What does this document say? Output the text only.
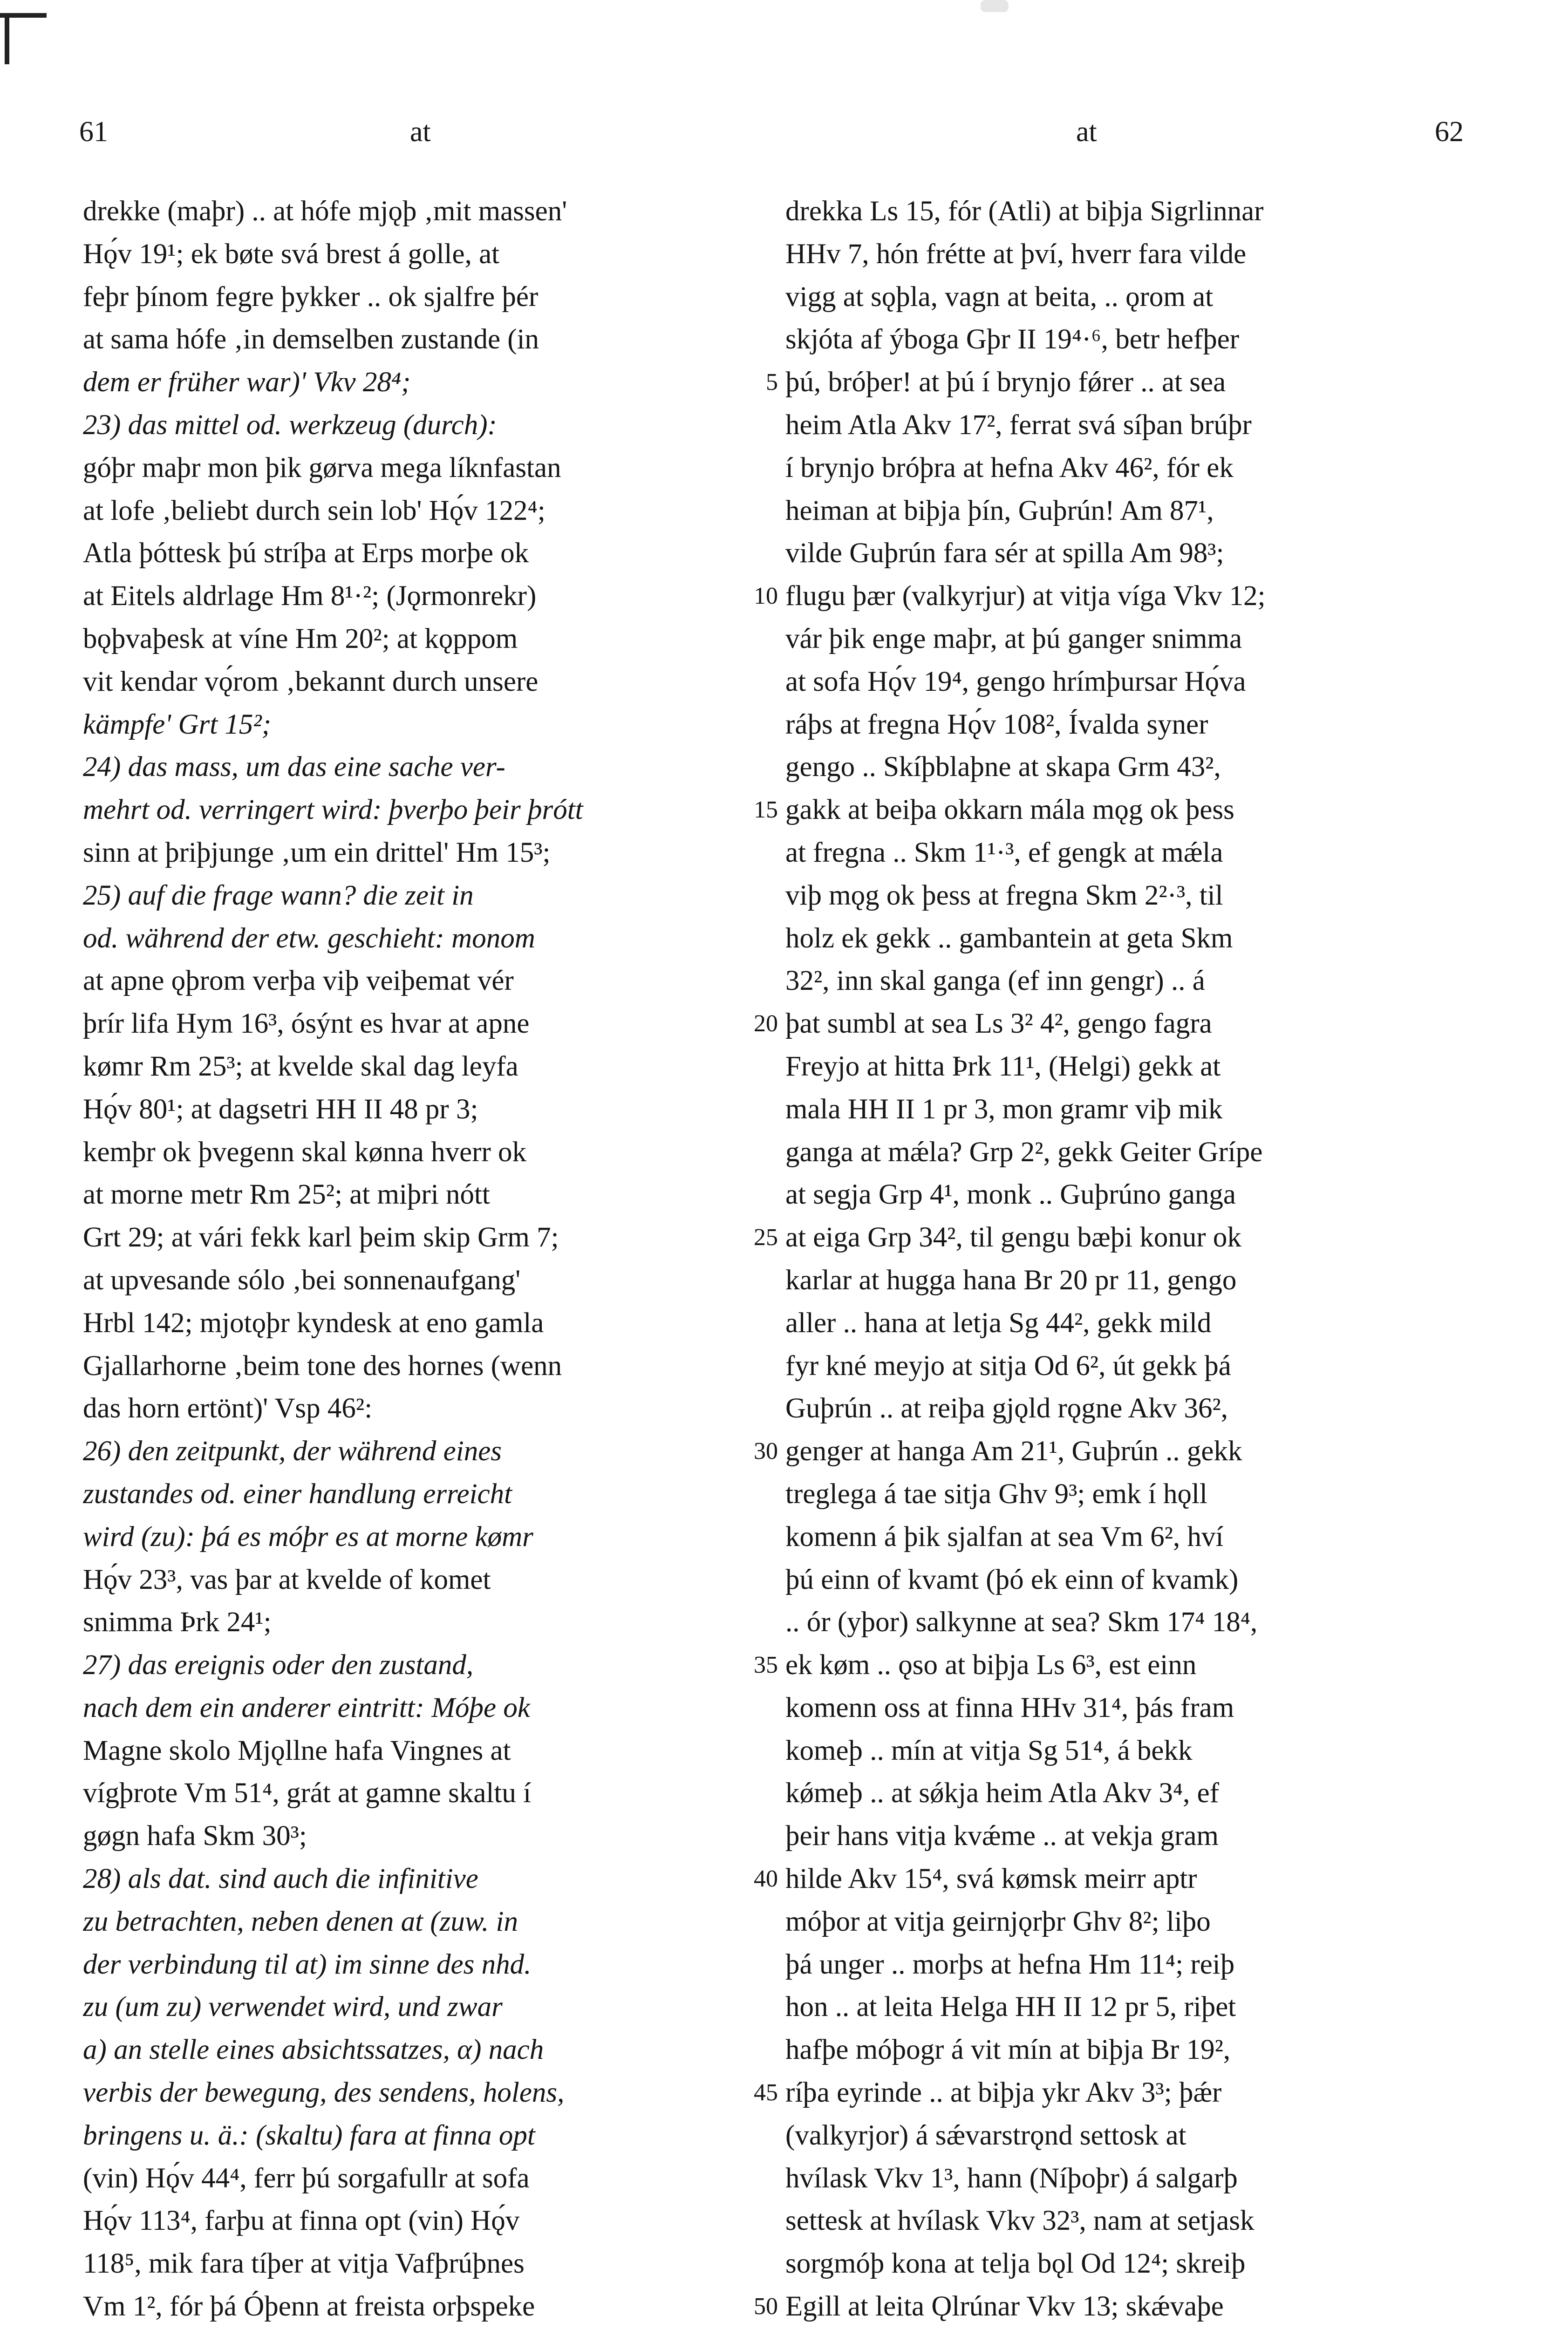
61	at	at	62
drekke (maþr) .. at hófe mjǫþ ‚mit massen'
Hǫ́v 19¹; ek bøte svá brest á golle, at
feþr þínom fegre þykker .. ok sjalfre þér
at sama hófe ‚in demselben zustande (in
dem er früher war)' Vkv 28⁴;
23) das mittel od. werkzeug (durch):
góþr maþr mon þik gørva mega líknfastan
at lofe ‚beliebt durch sein lob' Hǫ́v 122⁴;
Atla þóttesk þú stríþa at Erps morþe ok
at Eitels aldrlage Hm 8¹·²; (Jǫrmonrekr)
bǫþvaþesk at víne Hm 20²; at kǫppom
vit kendar vǫ́rom ‚bekannt durch unsere
kämpfe' Grt 15²;
24) das mass, um das eine sache ver-
mehrt od. verringert wird: þverþo þeir þrótt
sinn at þriþjunge ‚um ein drittel' Hm 15³;
25) auf die frage wann? die zeit in
od. während der etw. geschieht: monom
at apne ǫþrom verþa viþ veiþemat vér
þrír lifa Hym 16³, ósýnt es hvar at apne
kømr Rm 25³; at kvelde skal dag leyfa
Hǫ́v 80¹; at dagsetri HH II 48 pr 3;
kemþr ok þvegenn skal kønna hverr ok
at morne metr Rm 25²; at miþri nótt
Grt 29; at vári fekk karl þeim skip Grm 7;
at upvesande sólo ‚bei sonnenaufgang'
Hrbl 142; mjotǫþr kyndesk at eno gamla
Gjallarhorne ‚beim tone des hornes (wenn
das horn ertönt)' Vsp 46²:
26) den zeitpunkt, der während eines
zustandes od. einer handlung erreicht
wird (zu): þá es móþr es at morne kømr
Hǫ́v 23³, vas þar at kvelde of komet
snimma Þrk 24¹;
27) das ereignis oder den zustand,
nach dem ein anderer eintritt: Móþe ok
Magne skolo Mjǫllne hafa Vingnes at
vígþrote Vm 51⁴, grát at gamne skaltu í
gøgn hafa Skm 30³;
28) als dat. sind auch die infinitive
zu betrachten, neben denen at (zuw. in
der verbindung til at) im sinne des nhd.
zu (um zu) verwendet wird, und zwar
a) an stelle eines absichtssatzes, α) nach
verbis der bewegung, des sendens, holens,
bringens u. ä.: (skaltu) fara at finna opt
(vin) Hǫ́v 44⁴, ferr þú sorgafullr at sofa
Hǫ́v 113⁴, farþu at finna opt (vin) Hǫ́v
118⁵, mik fara tíþer at vitja Vafþrúþnes
Vm 1², fór þá Óþenn at freista orþspeke
drekka Ls 15, fór (Atli) at biþja Sigrlinnar
HHv 7, hón frétte at því, hverr fara vilde
vigg at sǫþla, vagn at beita, .. ǫrom at
skjóta af ýboga Gþr II 19⁴·⁶, betr hefþer
þú, bróþer! at þú í brynjo fǿrer .. at sea
heim Atla Akv 17², ferrat svá síþan brúþr
í brynjo bróþra at hefna Akv 46², fór ek
heiman at biþja þín, Guþrún! Am 87¹,
vilde Guþrún fara sér at spilla Am 98³;
flugu þær (valkyrjur) at vitja víga Vkv 12;
vár þik enge maþr, at þú ganger snimma
at sofa Hǫ́v 19⁴, gengo hrímþursar Hǫ́va
ráþs at fregna Hǫ́v 108², Ívalda syner
gengo .. Skíþblaþne at skapa Grm 43²,
gakk at beiþa okkarn mála mǫg ok þess
at fregna .. Skm 1¹·³, ef gengk at mǽla
viþ mǫg ok þess at fregna Skm 2²·³, til
holz ek gekk .. gambantein at geta Skm
32², inn skal ganga (ef inn gengr) .. á
þat sumbl at sea Ls 3² 4², gengo fagra
Freyjo at hitta Þrk 11¹, (Helgi) gekk at
mala HH II 1 pr 3, mon gramr viþ mik
ganga at mǽla? Grp 2², gekk Geiter Grípe
at segja Grp 4¹, monk .. Guþrúno ganga
at eiga Grp 34², til gengu bæþi konur ok
karlar at hugga hana Br 20 pr 11, gengo
aller .. hana at letja Sg 44², gekk mild
fyr kné meyjo at sitja Od 6², út gekk þá
Guþrún .. at reiþa gjǫld rǫgne Akv 36²,
genger at hanga Am 21¹, Guþrún .. gekk
treglega á tae sitja Ghv 9³; emk í hǫll
komenn á þik sjalfan at sea Vm 6², hví
þú einn of kvamt (þó ek einn of kvamk)
.. ór (yþor) salkynne at sea? Skm 17⁴ 18⁴,
ek køm .. ǫso at biþja Ls 6³, est einn
komenn oss at finna HHv 31⁴, þás fram
komeþ .. mín at vitja Sg 51⁴, á bekk
kǿmeþ .. at sǿkja heim Atla Akv 3⁴, ef
þeir hans vitja kvǽme .. at vekja gram
hilde Akv 15⁴, svá kømsk meirr aptr
móþor at vitja geirnjǫrþr Ghv 8²; liþo
þá unger .. morþs at hefna Hm 11⁴; reiþ
hon .. at leita Helga HH II 12 pr 5, riþet
hafþe móþogr á vit mín at biþja Br 19²,
ríþa eyrinde .. at biþja ykr Akv 3³; þǽr
(valkyrjor) á sǽvarstrǫnd settosk at
hvílask Vkv 1³, hann (Níþoþr) á salgarþ
settesk at hvílask Vkv 32³, nam at setjask
sorgmóþ kona at telja bǫl Od 12⁴; skreiþ
Egill at leita Ǫlrúnar Vkv 13; skǽvaþe
5
10
15
20
25
30
35
40
45
50
